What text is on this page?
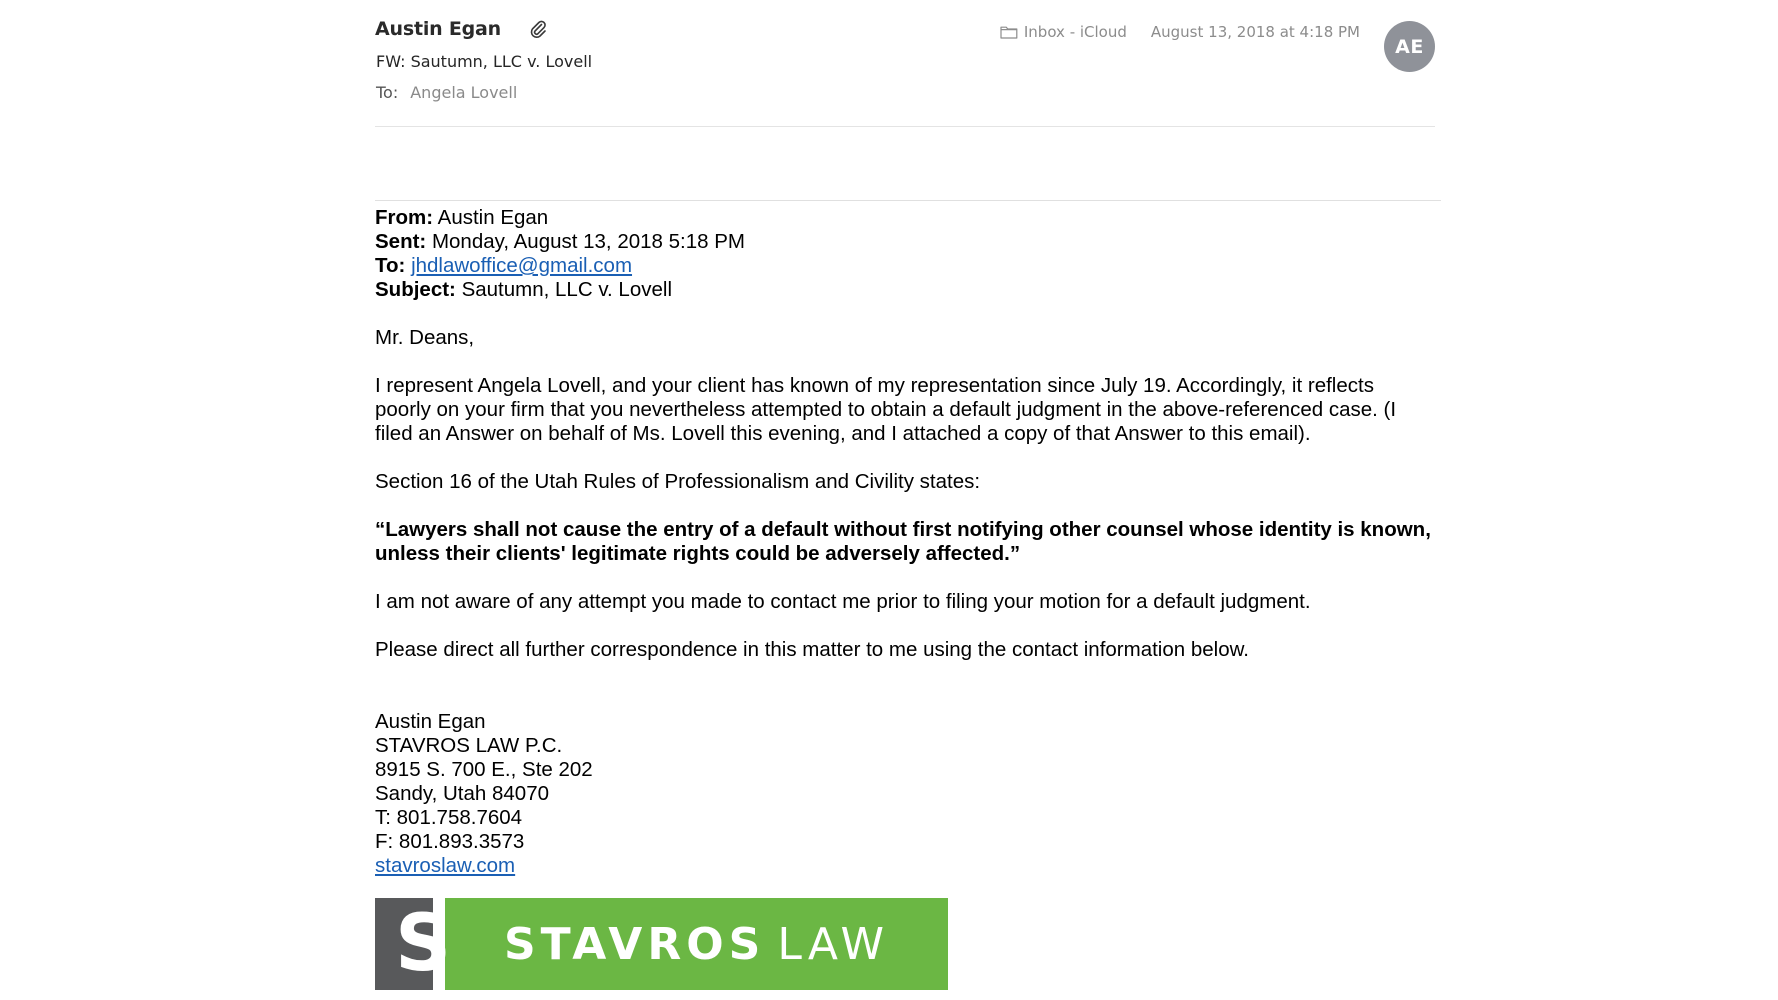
Austin Egan
FW: Sautumn, LLC v. Lovell
To: Angela Lovell
Inbox - iCloud August 13, 2018 at 4:18 PM
AE
From: Austin Egan
Sent: Monday, August 13, 2018 5:18 PM
To: jhdlawoffice@gmail.com
Subject: Sautumn, LLC v. Lovell

Mr. Deans,

I represent Angela Lovell, and your client has known of my representation since July 19. Accordingly, it reflects poorly on your firm that you nevertheless attempted to obtain a default judgment in the above-referenced case. (I filed an Answer on behalf of Ms. Lovell this evening, and I attached a copy of that Answer to this email).

Section 16 of the Utah Rules of Professionalism and Civility states:

“Lawyers shall not cause the entry of a default without first notifying other counsel whose identity is known, unless their clients' legitimate rights could be adversely affected.”

I am not aware of any attempt you made to contact me prior to filing your motion for a default judgment.

Please direct all further correspondence in this matter to me using the contact information below.

Austin Egan
STAVROS LAW P.C.
8915 S. 700 E., Ste 202
Sandy, Utah 84070
T: 801.758.7604
F: 801.893.3573
stavroslaw.com
S STAVROS LAW
